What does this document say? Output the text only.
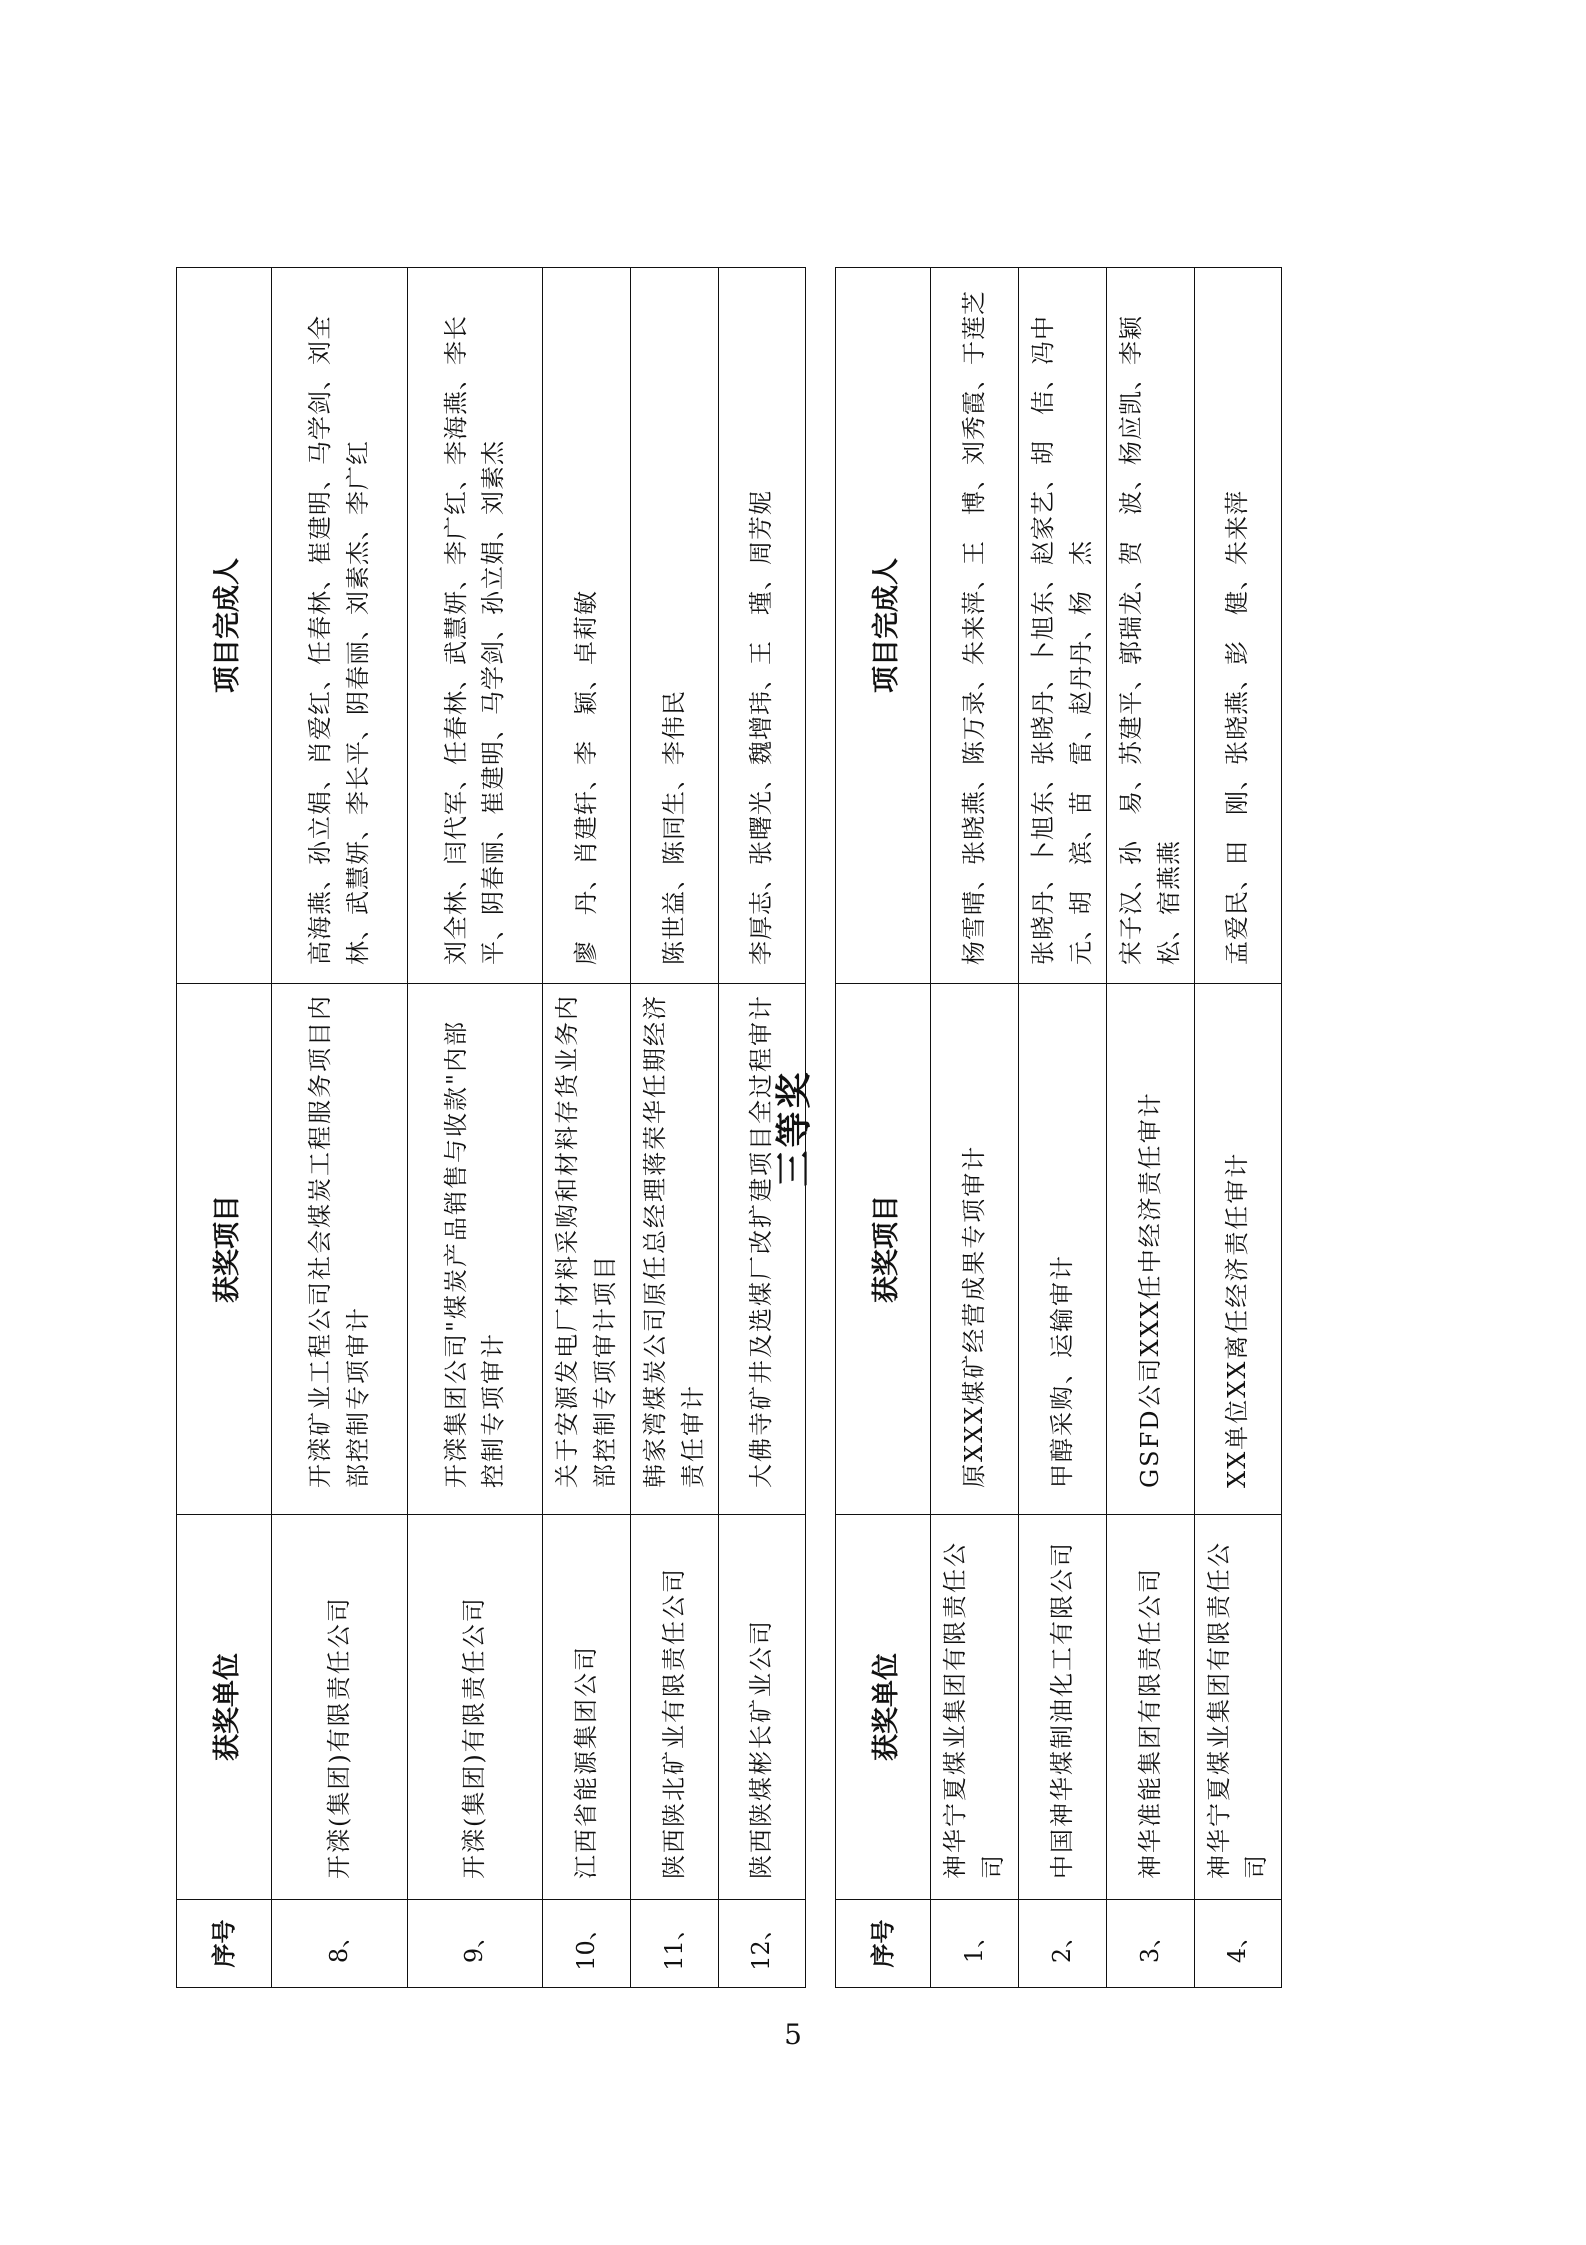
序号	获奖单位	获奖项目	项目完成人
8、	开滦(集团)有限责任公司	开滦矿业工程公司社会煤炭工程服务项目内部控制专项审计	高海燕、孙立娟、肖爱红、任春林、崔建明、马学剑、刘全林、武慧妍、李长平、阴春丽、刘素杰、李广红
9、	开滦(集团)有限责任公司	开滦集团公司"煤炭产品销售与收款"内部控制专项审计	刘全林、闫代军、任春林、武慧妍、李广红、李海燕、李长平、阴春丽、崔建明、马学剑、孙立娟、刘素杰
10、	江西省能源集团公司	关于安源发电厂材料采购和材料存货业务内部控制专项审计项目	廖　丹、肖建轩、李　颖、卓莉敏
11、	陕西陕北矿业有限责任公司	韩家湾煤炭公司原任总经理蒋荣华任期经济责任审计	陈世益、陈同生、李伟民
12、	陕西陕煤彬长矿业公司	大佛寺矿井及选煤厂改扩建项目全过程审计	李厚志、张曙光、魏增玮、王　瑾、周芳妮
三等奖
序号	获奖单位	获奖项目	项目完成人
1、	神华宁夏煤业集团有限责任公司	原XXX煤矿经营成果专项审计	杨雪晴、张晓燕、陈万录、朱来萍、王　博、刘秀霞、于莲芝
2、	中国神华煤制油化工有限公司	甲醇采购、运输审计	张晓丹、卜旭东、张晓丹、卜旭东、赵家艺、胡　佶、冯中元、胡　滨、苗　雷、赵丹丹、杨　杰
3、	神华准能集团有限责任公司	GSFD公司XXX任中经济责任审计	宋子汉、孙　易、苏建平、郭瑞龙、贺　波、杨应凯、李颖松、宿燕燕
4、	神华宁夏煤业集团有限责任公司	XX单位XX离任经济责任审计	孟爱民、田　刚、张晓燕、彭　健、朱来萍
5
